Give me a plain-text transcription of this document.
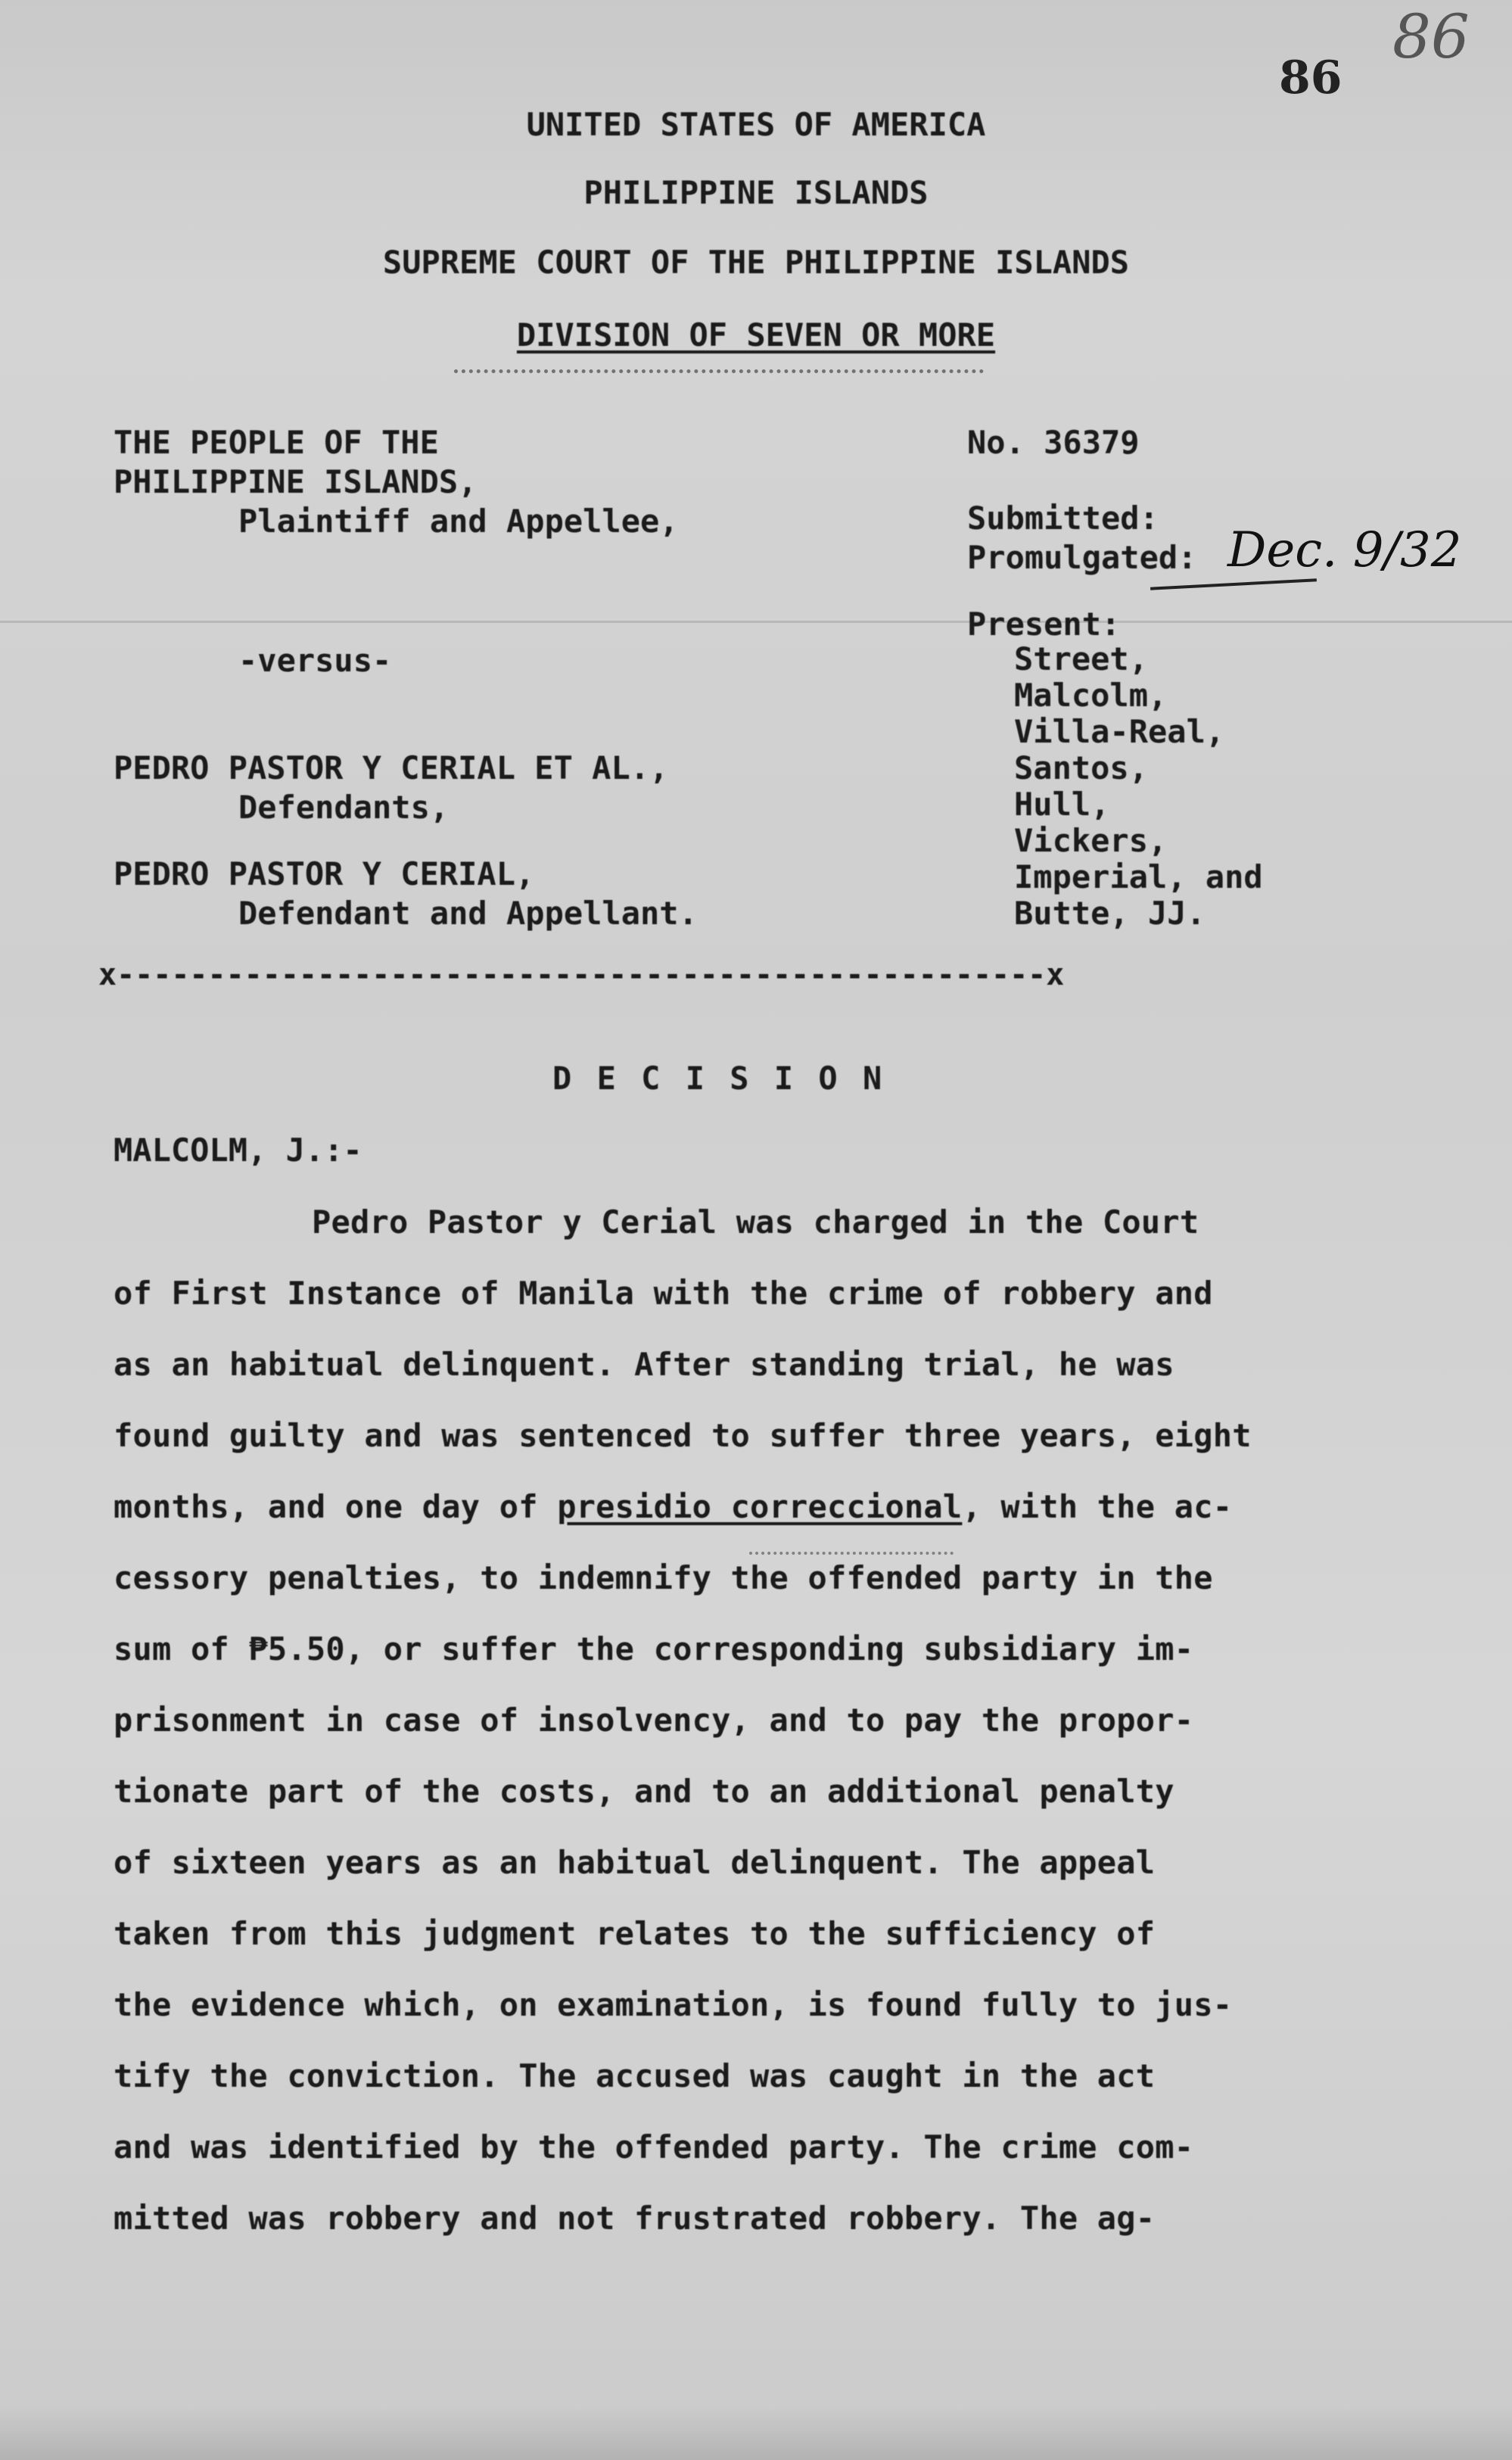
86
86
UNITED STATES OF AMERICA
PHILIPPINE ISLANDS
SUPREME COURT OF THE PHILIPPINE ISLANDS
DIVISION OF SEVEN OR MORE
THE PEOPLE OF THE
PHILIPPINE ISLANDS,
Plaintiff and Appellee,
-versus-
PEDRO PASTOR Y CERIAL ET AL.,
Defendants,
PEDRO PASTOR Y CERIAL,
Defendant and Appellant.
No. 36379
Submitted:
Promulgated: Dec. 9/32
Present:
Street,
Malcolm,
Villa-Real,
Santos,
Hull,
Vickers,
Imperial, and
Butte, JJ.
x---------------------------------------------------x
D E C I S I O N
MALCOLM, J.:-
Pedro Pastor y Cerial was charged in the Court
of First Instance of Manila with the crime of robbery and
as an habitual delinquent. After standing trial, he was
found guilty and was sentenced to suffer three years, eight
months, and one day of presidio correccional, with the ac-
cessory penalties, to indemnify the offended party in the
sum of ₱5.50, or suffer the corresponding subsidiary im-
prisonment in case of insolvency, and to pay the propor-
tionate part of the costs, and to an additional penalty
of sixteen years as an habitual delinquent. The appeal
taken from this judgment relates to the sufficiency of
the evidence which, on examination, is found fully to jus-
tify the conviction. The accused was caught in the act
and was identified by the offended party. The crime com-
mitted was robbery and not frustrated robbery. The ag-
